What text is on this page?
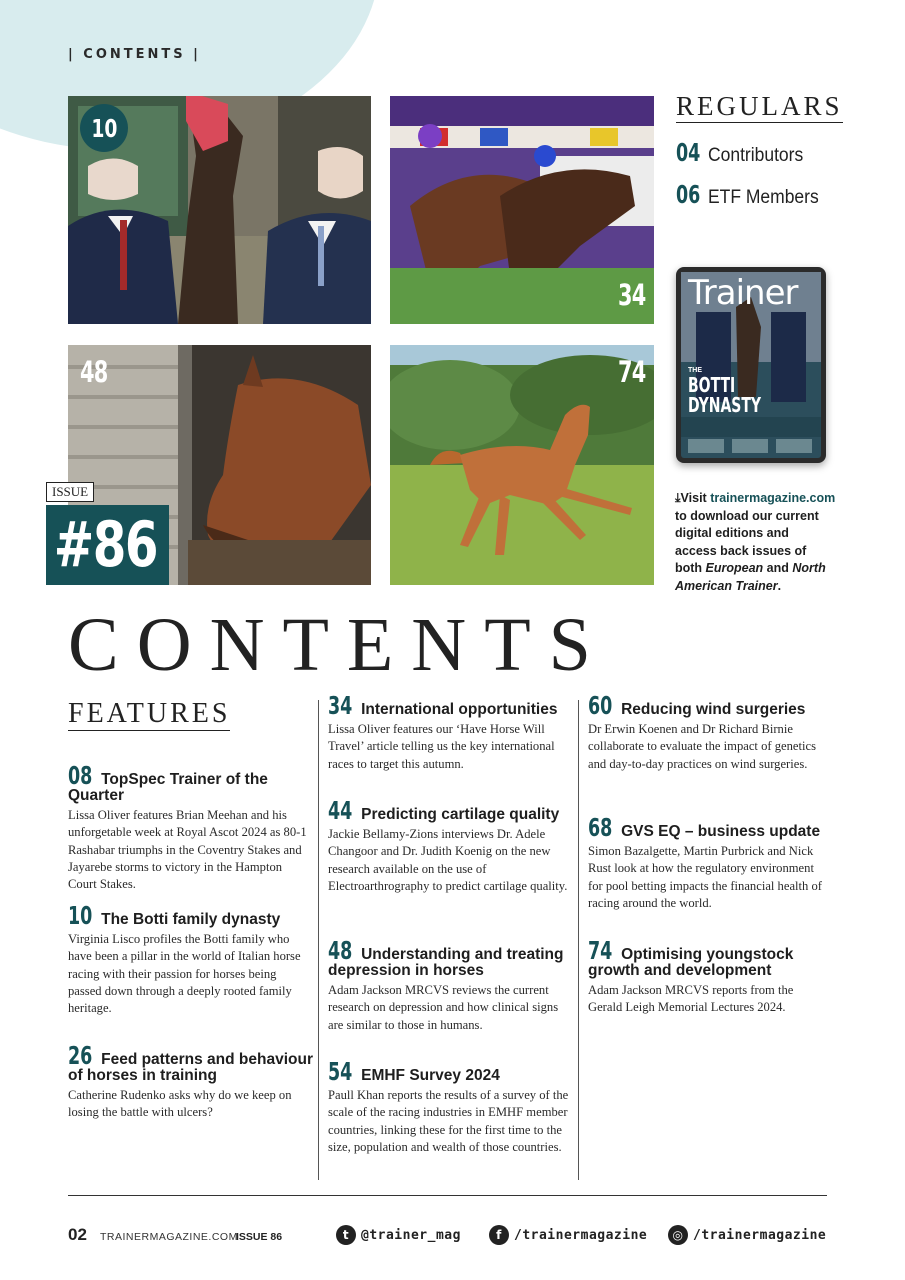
| CONTENTS |
10
34
48	74
ISSUE
#86
REGULARS
04 Contributors
06 ETF Members
Trainer
THE
BOTTI
DYNASTY
⤓Visit trainermagazine.com
to download our current
digital editions and
access back issues of
both European and North
American Trainer.
CONTENTS
FEATURES
08 TopSpec Trainer of the Quarter

Lissa Oliver features Brian Meehan and his unforgetable week at Royal Ascot 2024 as 80-1 Rashabar triumphs in the Coventry Stakes and Jayarebe storms to victory in the Hampton Court Stakes.

10 The Botti family dynasty

Virginia Lisco profiles the Botti family who have been a pillar in the world of Italian horse racing with their passion for horses being passed down through a deeply rooted family heritage.

26 Feed patterns and behaviour of horses in training

Catherine Rudenko asks why do we keep on losing the battle with ulcers?

34 International opportunities

Lissa Oliver features our ‘Have Horse Will Travel’ article telling us the key international races to target this autumn.

44 Predicting cartilage quality

Jackie Bellamy-Zions interviews Dr. Adele Changoor and Dr. Judith Koenig on the new research available on the use of Electroarthrography to predict cartilage quality.

48 Understanding and treating depression in horses

Adam Jackson MRCVS reviews the current research on depression and how clinical signs are similar to those in humans.

54 EMHF Survey 2024

Paull Khan reports the results of a survey of the scale of the racing industries in EMHF member countries, linking these for the first time to the size, population and wealth of those countries.

60 Reducing wind surgeries

Dr Erwin Koenen and Dr Richard Birnie collaborate to evaluate the impact of genetics and day-to-day practices on wind surgeries.

68 GVS EQ – business update

Simon Bazalgette, Martin Purbrick and Nick Rust look at how the regulatory environment for pool betting impacts the financial health of racing around the world.

74 Optimising youngstock growth and development

Adam Jackson MRCVS reports from the Gerald Leigh Memorial Lectures 2024.

02 TRAINERMAGAZINE.COM
ISSUE 86	t @trainer_mag	f /trainermagazine	◎ /trainermagazine
